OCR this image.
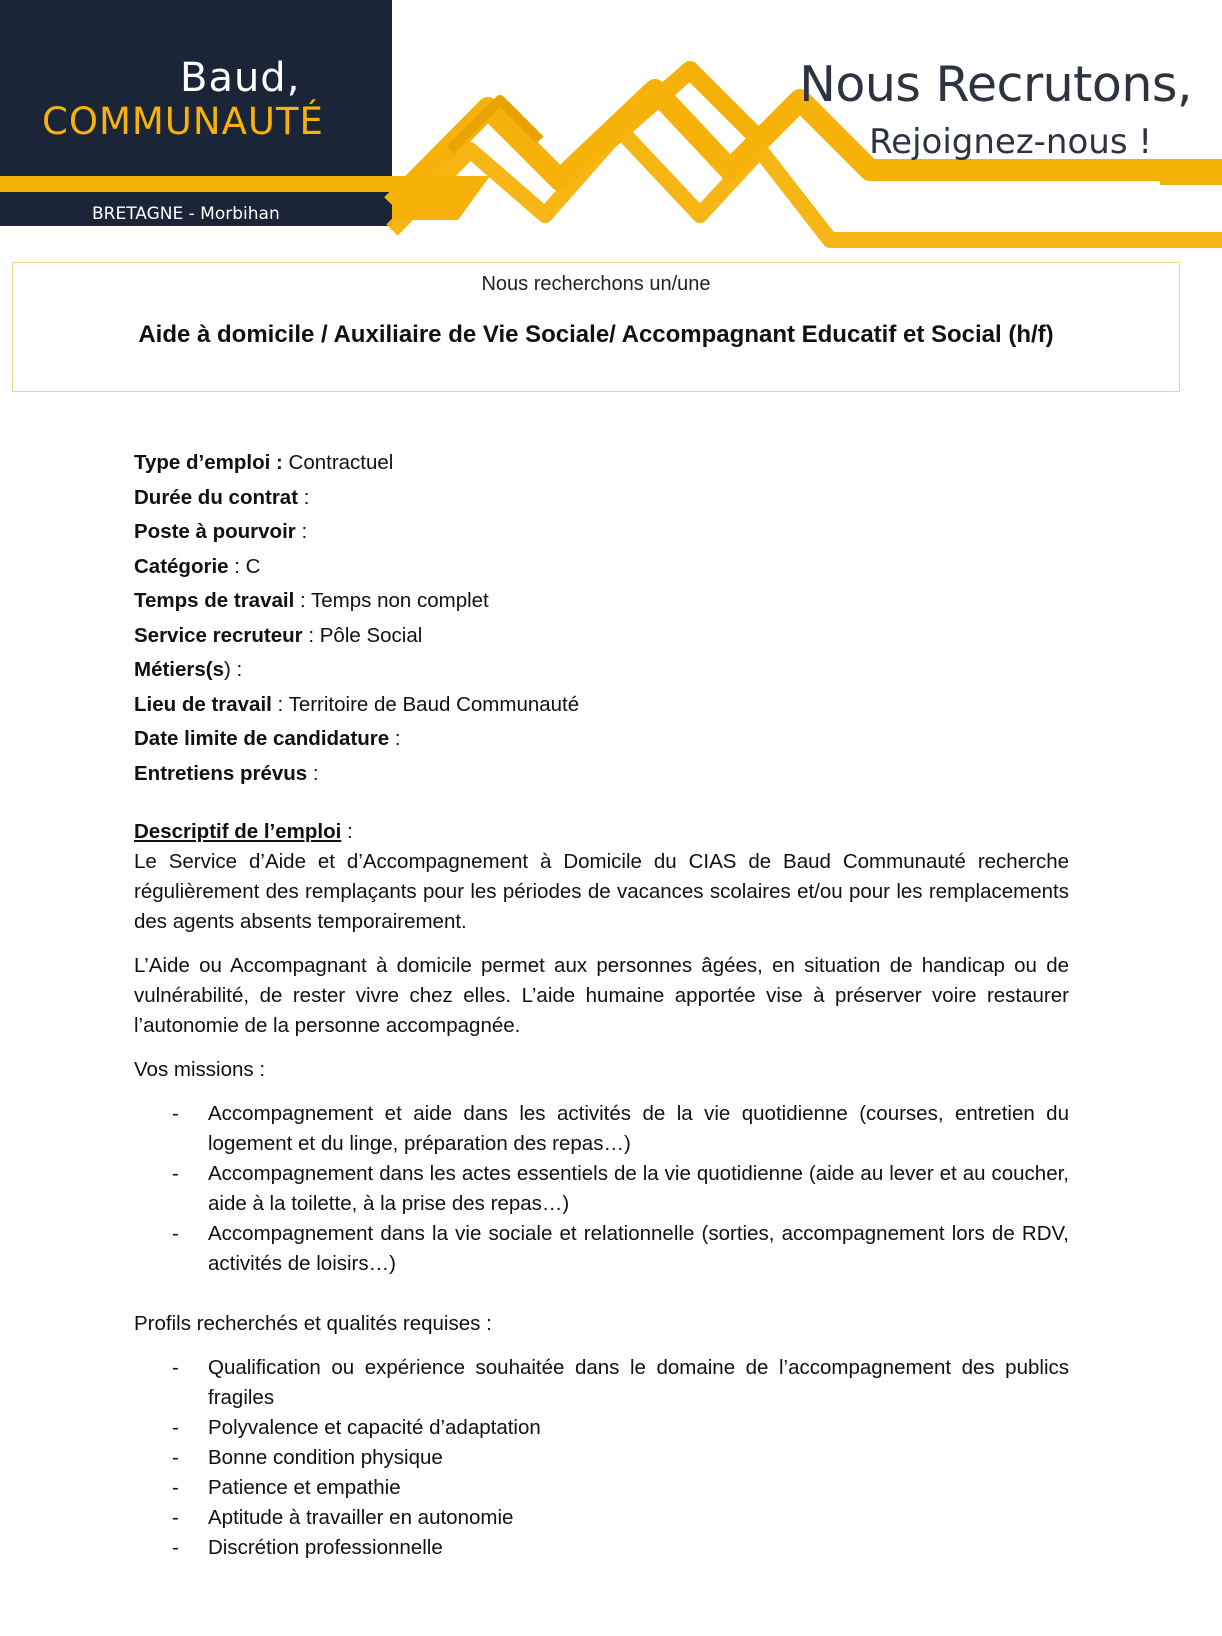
Baud,
COMMUNAUTÉ
BRETAGNE - Morbihan
Nous Recrutons,
Rejoignez-nous !
Nous recherchons un/une
Aide à domicile / Auxiliaire de Vie Sociale/ Accompagnant Educatif et Social (h/f)
Type d’emploi : Contractuel
Durée du contrat :
Poste à pourvoir :
Catégorie : C
Temps de travail : Temps non complet
Service recruteur : Pôle Social
Métiers(s) :
Lieu de travail : Territoire de Baud Communauté
Date limite de candidature :
Entretiens prévus :
Descriptif de l’emploi :

Le Service d’Aide et d’Accompagnement à Domicile du CIAS de Baud Communauté recherche régulièrement des remplaçants pour les périodes de vacances scolaires et/ou pour les remplacements des agents absents temporairement.

L’Aide ou Accompagnant à domicile permet aux personnes âgées, en situation de handicap ou de vulnérabilité, de rester vivre chez elles. L’aide humaine apportée vise à préserver voire restaurer l’autonomie de la personne accompagnée.

Vos missions :

- Accompagnement et aide dans les activités de la vie quotidienne (courses, entretien du logement et du linge, préparation des repas…)
- Accompagnement dans les actes essentiels de la vie quotidienne (aide au lever et au coucher, aide à la toilette, à la prise des repas…)
- Accompagnement dans la vie sociale et relationnelle (sorties, accompagnement lors de RDV, activités de loisirs…)

Profils recherchés et qualités requises :

- Qualification ou expérience souhaitée dans le domaine de l’accompagnement des publics fragiles
- Polyvalence et capacité d’adaptation
- Bonne condition physique
- Patience et empathie
- Aptitude à travailler en autonomie
- Discrétion professionnelle
